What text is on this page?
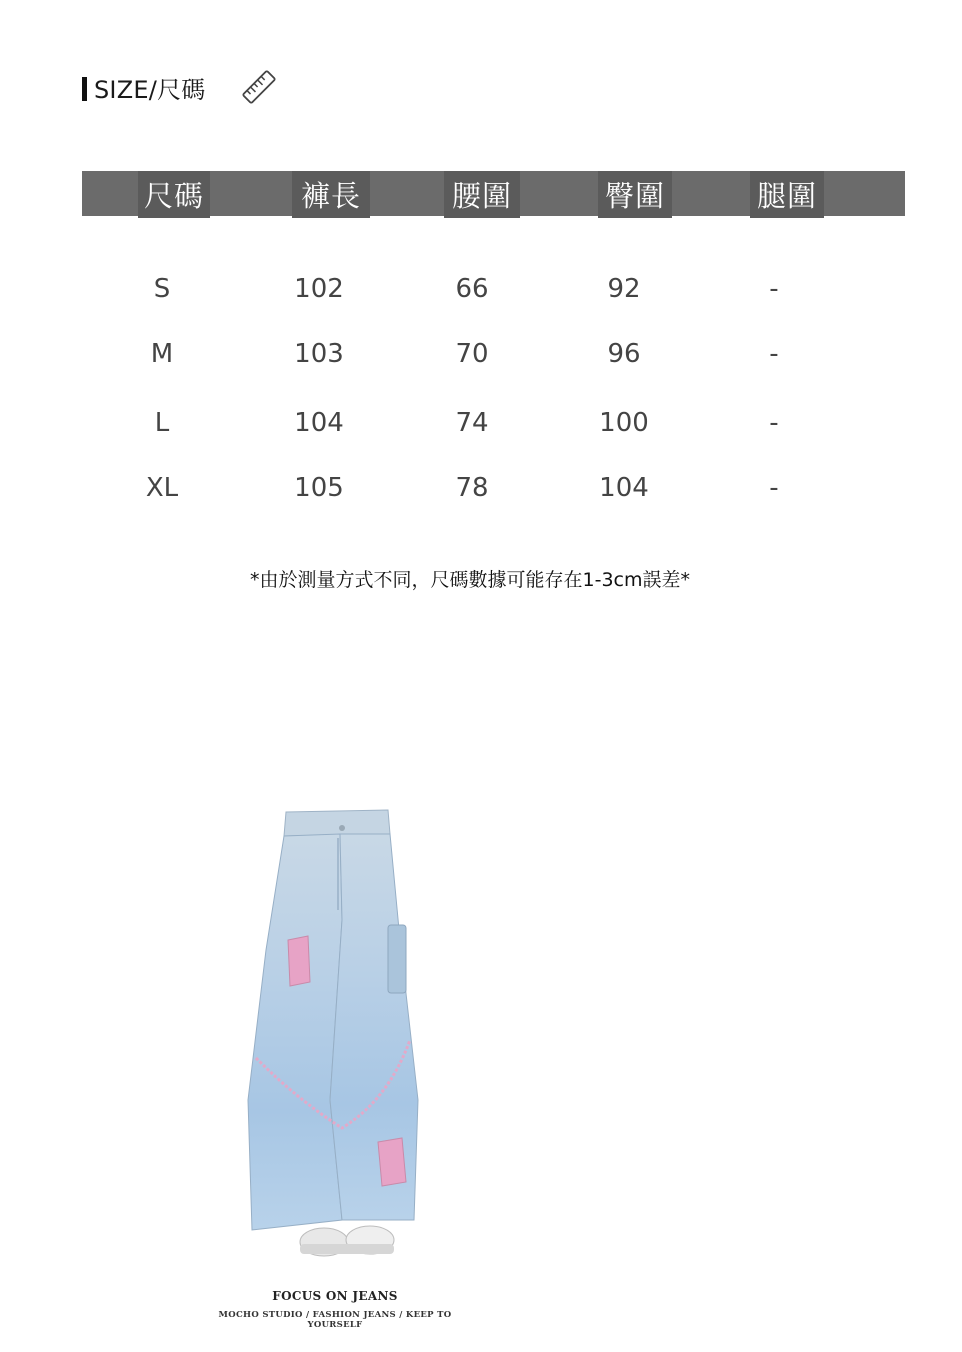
SIZE/尺碼
尺碼	褲長	腰圍	臀圍	腿圍
S	102	66	92	-
M	103	70	96	-
L	104	74	100	-
XL	105	78	104	-
*由於測量方式不同，尺碼數據可能存在1-3cm誤差*
FOCUS ON JEANS
MOCHO STUDIO / FASHION JEANS / KEEP TO YOURSELF
